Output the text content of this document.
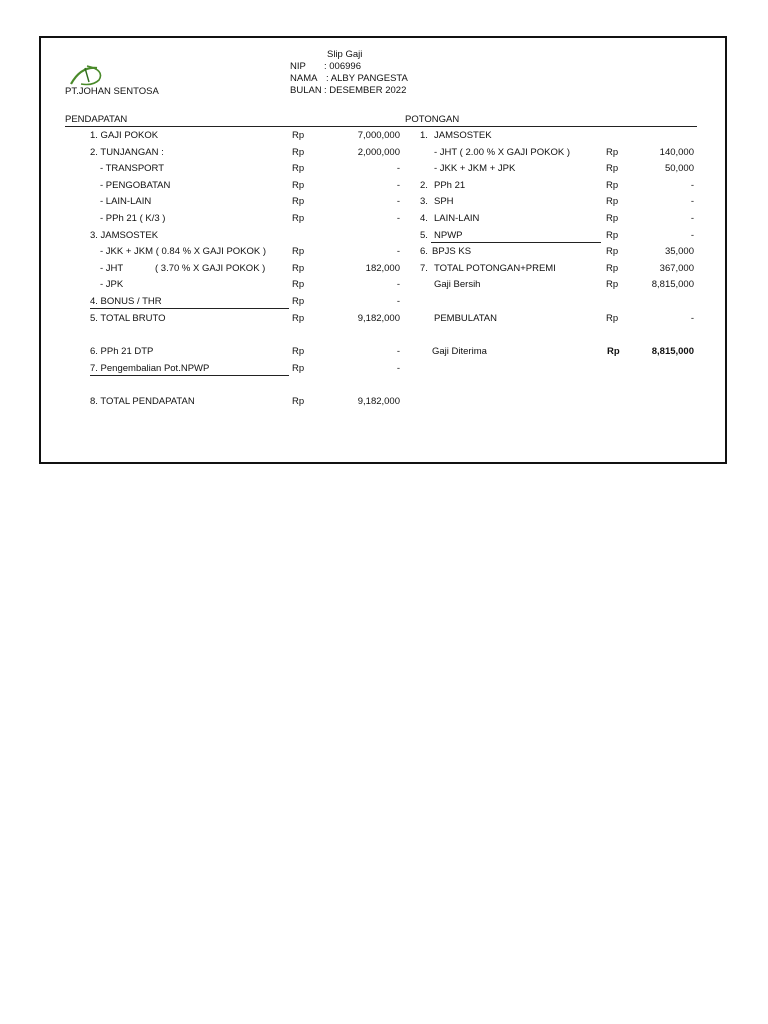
PT.JOHAN SENTOSA
Slip Gaji
NIP : 006996
NAMA : ALBY PANGESTA
BULAN : DESEMBER 2022
PENDAPATAN	POTONGAN
1. GAJI POKOK	Rp	7,000,000
2. TUNJANGAN :	Rp	2,000,000
- TRANSPORT	Rp	-
- PENGOBATAN	Rp	-
- LAIN-LAIN	Rp	-
- PPh 21 ( K/3 )	Rp	-
3. JAMSOSTEK
- JKK + JKM ( 0.84 % X GAJI POKOK )	Rp	-
- JHT	( 3.70 % X GAJI POKOK )	Rp	182,000
- JPK	Rp	-
4. BONUS / THR	Rp	-
5. TOTAL BRUTO	Rp	9,182,000
6. PPh 21 DTP	Rp	-
7. Pengembalian Pot.NPWP	Rp	-
8. TOTAL PENDAPATAN	Rp	9,182,000
1. JAMSOSTEK
- JHT ( 2.00 % X GAJI POKOK )	Rp	140,000
- JKK + JKM + JPK	Rp	50,000
2. PPh 21	Rp	-
3. SPH	Rp	-
4. LAIN-LAIN	Rp	-
5. NPWP	Rp	-
6. BPJS KS	Rp	35,000
7. TOTAL POTONGAN+PREMI	Rp	367,000
Gaji Bersih	Rp	8,815,000
PEMBULATAN	Rp	-
Gaji Diterima	Rp	8,815,000
